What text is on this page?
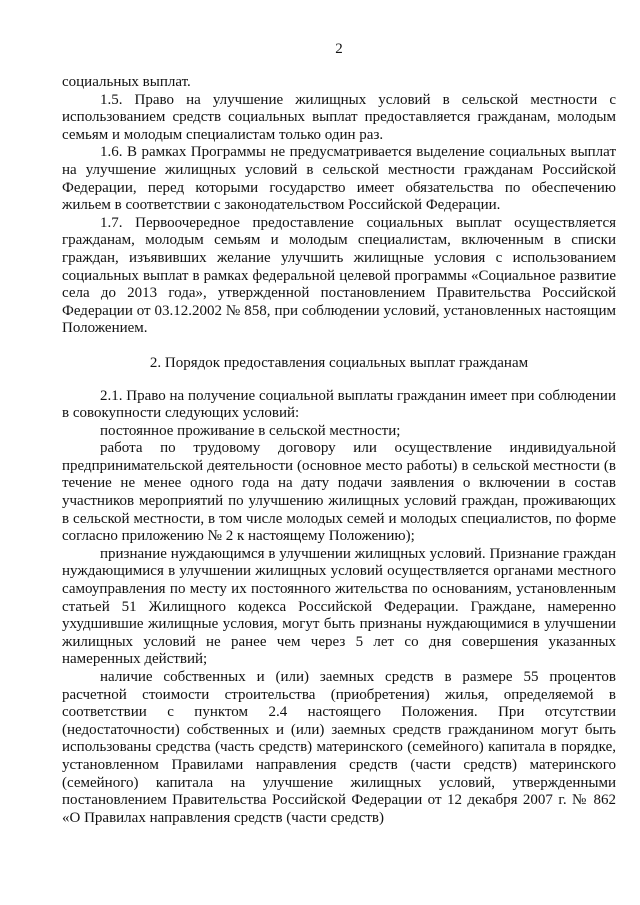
2

социальных выплат.

1.5. Право на улучшение жилищных условий в сельской местности с использованием средств социальных выплат предоставляется гражданам, молодым семьям и молодым специалистам только один раз.

1.6. В рамках Программы не предусматривается выделение социальных выплат на улучшение жилищных условий в сельской местности гражданам Российской Федерации, перед которыми государство имеет обязательства по обеспечению жильем в соответствии с законодательством Российской Федерации.

1.7. Первоочередное предоставление социальных выплат осуществляется гражданам, молодым семьям и молодым специалистам, включенным в списки граждан, изъявивших желание улучшить жилищные условия с использованием социальных выплат в рамках федеральной целевой программы «Социальное развитие села до 2013 года», утвержденной постановлением Правительства Российской Федерации от 03.12.2002 № 858, при соблюдении условий, установленных настоящим Положением.

2. Порядок предоставления социальных выплат гражданам

2.1. Право на получение социальной выплаты гражданин имеет при соблюдении в совокупности следующих условий:

постоянное проживание в сельской местности;

работа по трудовому договору или осуществление индивидуальной предпринимательской деятельности (основное место работы) в сельской местности (в течение не менее одного года на дату подачи заявления о включении в состав участников мероприятий по улучшению жилищных условий граждан, проживающих в сельской местности, в том числе молодых семей и молодых специалистов, по форме согласно приложению № 2 к настоящему Положению);

признание нуждающимся в улучшении жилищных условий. Признание граждан нуждающимися в улучшении жилищных условий осуществляется органами местного самоуправления по месту их постоянного жительства по основаниям, установленным статьей 51 Жилищного кодекса Российской Федерации. Граждане, намеренно ухудшившие жилищные условия, могут быть признаны нуждающимися в улучшении жилищных условий не ранее чем через 5 лет со дня совершения указанных намеренных действий;

наличие собственных и (или) заемных средств в размере 55 процентов расчетной стоимости строительства (приобретения) жилья, определяемой в соответствии с пунктом 2.4 настоящего Положения. При отсутствии (недостаточности) собственных и (или) заемных средств гражданином могут быть использованы средства (часть средств) материнского (семейного) капитала в порядке, установленном Правилами направления средств (части средств) материнского (семейного) капитала на улучшение жилищных условий, утвержденными постановлением Правительства Российской Федерации от 12 декабря 2007 г. № 862 «О Правилах направления средств (части средств)
